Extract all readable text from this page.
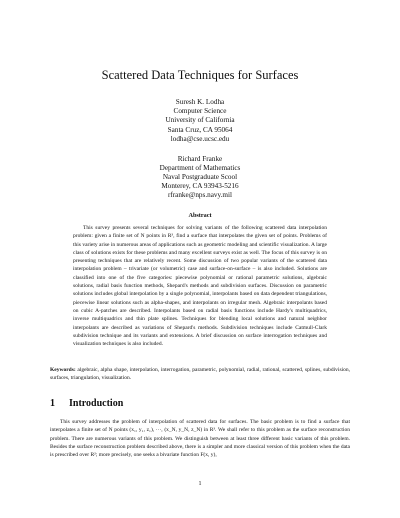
Scattered Data Techniques for Surfaces
Suresh K. Lodha
Computer Science
University of California
Santa Cruz, CA 95064
lodha@cse.ucsc.edu
Richard Franke
Department of Mathematics
Naval Postgraduate Scool
Monterey, CA 93943-5216
rfranke@nps.navy.mil
Abstract

This survey presents several techniques for solving variants of the following scattered data interpolation problem: given a finite set of N points in R³, find a surface that interpolates the given set of points. Problems of this variety arise in numerous areas of applications such as geometric modeling and scientific visualization. A large class of solutions exists for these problems and many excellent surveys exist as well. The focus of this survey is on presenting techniques that are relatively recent. Some discussion of two popular variants of the scattered data interpolation problem – trivariate (or volumetric) case and surface-on-surface – is also included. Solutions are classified into one of the five categories: piecewise polynomial or rational parametric solutions, algebraic solutions, radial basis function methods, Shepard's methods and subdivision surfaces. Discussion on parametric solutions includes global interpolation by a single polynomial, interpolants based on data dependent triangulations, piecewise linear solutions such as alpha-shapes, and interpolants on irregular mesh. Algebraic interpolants based on cubic A-patches are described. Interpolants based on radial basis functions include Hardy's multiquadrics, inverse multiquadrics and thin plate splines. Techniques for blending local solutions and natural neighbor interpolants are described as variations of Shepard's methods. Subdivision techniques include Catmull-Clark subdivision technique and its variants and extensions. A brief discussion on surface interrogation techniques and visualization techniques is also included.

Keywords: algebraic, alpha shape, interpolation, interrogation, parametric, polynomial, radial, rational, scattered, splines, subdivision, surfaces, triangulation, visualization.

1 Introduction

This survey addresses the problem of interpolation of scattered data for surfaces. The basic problem is to find a surface that interpolates a finite set of N points (x₁, y₁, z₁), ···, (x_N, y_N, z_N) in R³. We shall refer to this problem as the surface reconstruction problem. There are numerous variants of this problem. We distinguish between at least three different basic variants of this problem. Besides the surface reconstruction problem described above, there is a simpler and more classical version of this problem when the data is prescribed over R²; more precisely, one seeks a bivariate function F(x, y),

1
